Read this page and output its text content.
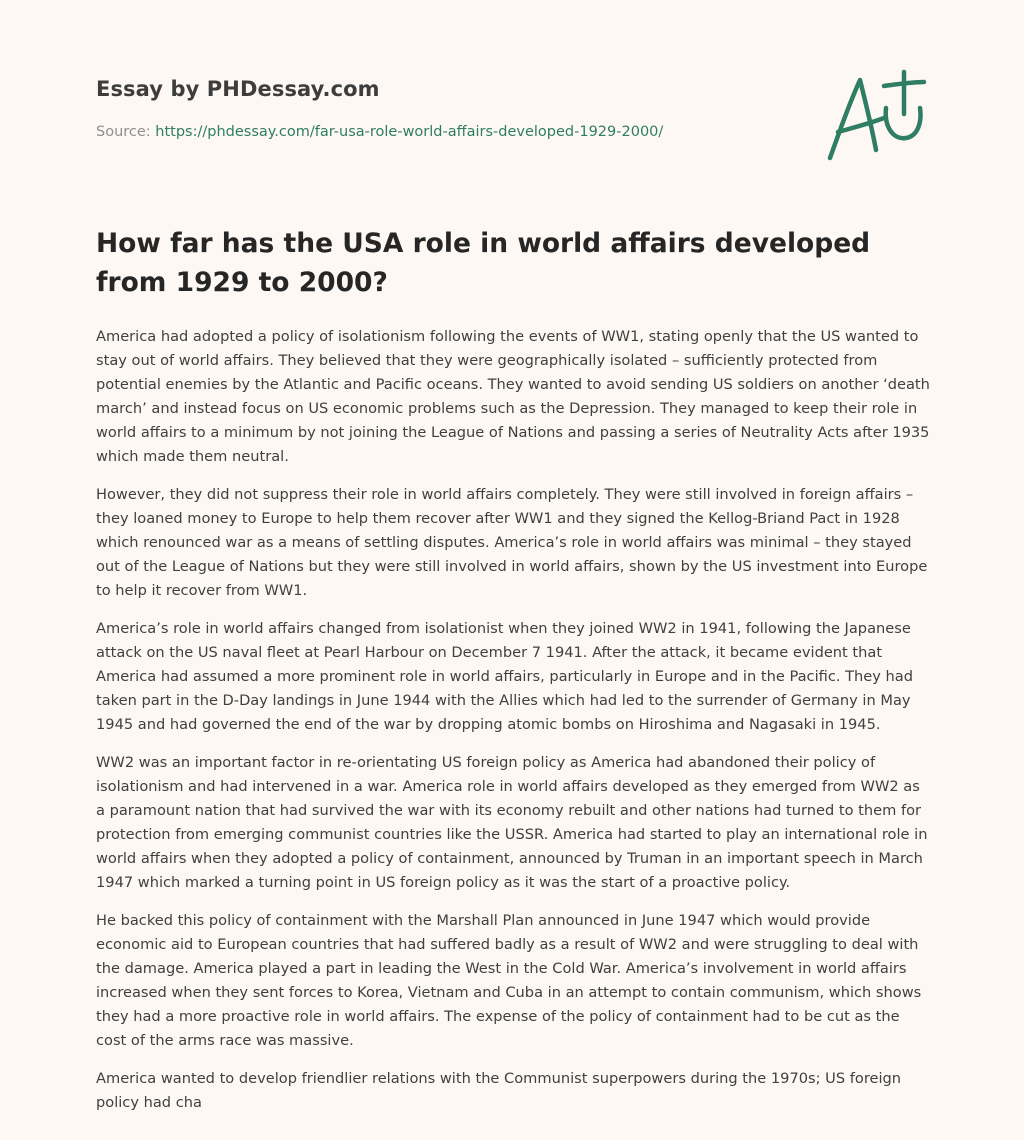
Essay by PHDessay.com
Source: https://phdessay.com/far-usa-role-world-affairs-developed-1929-2000/
How far has the USA role in world affairs developed from 1929 to 2000?

America had adopted a policy of isolationism following the events of WW1, stating openly that the US wanted to stay out of world affairs. They believed that they were geographically isolated – sufficiently protected from potential enemies by the Atlantic and Pacific oceans. They wanted to avoid sending US soldiers on another ‘death march’ and instead focus on US economic problems such as the Depression. They managed to keep their role in world affairs to a minimum by not joining the League of Nations and passing a series of Neutrality Acts after 1935 which made them neutral.

However, they did not suppress their role in world affairs completely. They were still involved in foreign affairs – they loaned money to Europe to help them recover after WW1 and they signed the Kellog-Briand Pact in 1928 which renounced war as a means of settling disputes. America’s role in world affairs was minimal – they stayed out of the League of Nations but they were still involved in world affairs, shown by the US investment into Europe to help it recover from WW1.

America’s role in world affairs changed from isolationist when they joined WW2 in 1941, following the Japanese attack on the US naval fleet at Pearl Harbour on December 7 1941. After the attack, it became evident that America had assumed a more prominent role in world affairs, particularly in Europe and in the Pacific. They had taken part in the D-Day landings in June 1944 with the Allies which had led to the surrender of Germany in May 1945 and had governed the end of the war by dropping atomic bombs on Hiroshima and Nagasaki in 1945.

WW2 was an important factor in re-orientating US foreign policy as America had abandoned their policy of isolationism and had intervened in a war. America role in world affairs developed as they emerged from WW2 as a paramount nation that had survived the war with its economy rebuilt and other nations had turned to them for protection from emerging communist countries like the USSR. America had started to play an international role in world affairs when they adopted a policy of containment, announced by Truman in an important speech in March 1947 which marked a turning point in US foreign policy as it was the start of a proactive policy.

He backed this policy of containment with the Marshall Plan announced in June 1947 which would provide economic aid to European countries that had suffered badly as a result of WW2 and were struggling to deal with the damage. America played a part in leading the West in the Cold War. America’s involvement in world affairs increased when they sent forces to Korea, Vietnam and Cuba in an attempt to contain communism, which shows they had a more proactive role in world affairs. The expense of the policy of containment had to be cut as the cost of the arms race was massive.

America wanted to develop friendlier relations with the Communist superpowers during the 1970s; US foreign policy had cha
